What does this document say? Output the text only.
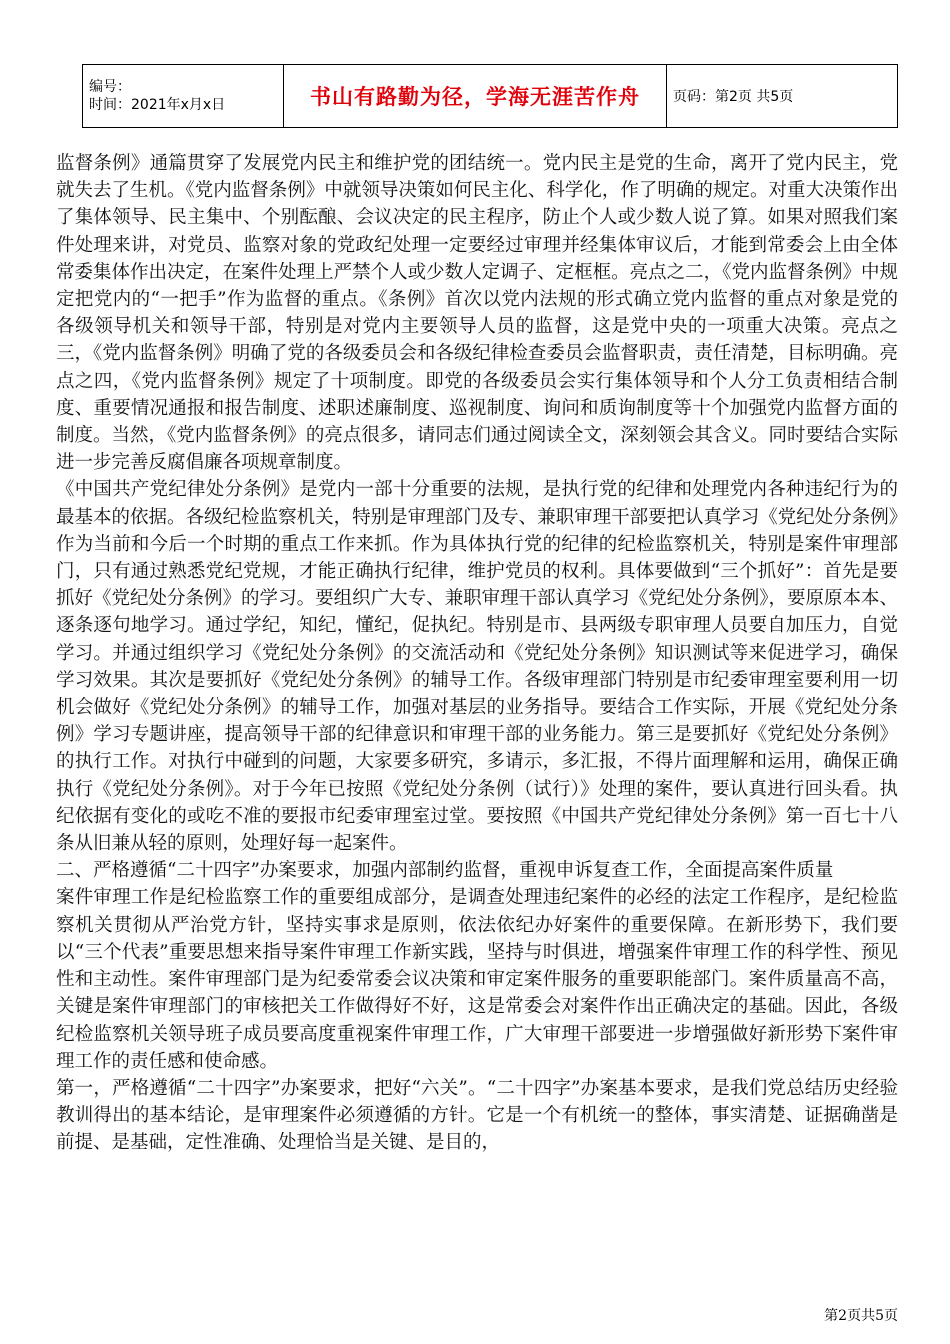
编号：
时间：2021年x月x日	书山有路勤为径，学海无涯苦作舟	页码：第2页 共5页

监督条例》通篇贯穿了发展党内民主和维护党的团结统一。党内民主是党的生命，离开了党内民主，党就失去了生机。《党内监督条例》中就领导决策如何民主化、科学化，作了明确的规定。对重大决策作出了集体领导、民主集中、个别酝酿、会议决定的民主程序，防止个人或少数人说了算。如果对照我们案件处理来讲，对党员、监察对象的党政纪处理一定要经过审理并经集体审议后，才能到常委会上由全体常委集体作出决定，在案件处理上严禁个人或少数人定调子、定框框。亮点之二，《党内监督条例》中规定把党内的“一把手”作为监督的重点。《条例》首次以党内法规的形式确立党内监督的重点对象是党的各级领导机关和领导干部，特别是对党内主要领导人员的监督，这是党中央的一项重大决策。亮点之三，《党内监督条例》明确了党的各级委员会和各级纪律检查委员会监督职责，责任清楚，目标明确。亮点之四，《党内监督条例》规定了十项制度。即党的各级委员会实行集体领导和个人分工负责相结合制度、重要情况通报和报告制度、述职述廉制度、巡视制度、询问和质询制度等十个加强党内监督方面的制度。当然，《党内监督条例》的亮点很多，请同志们通过阅读全文，深刻领会其含义。同时要结合实际进一步完善反腐倡廉各项规章制度。

《中国共产党纪律处分条例》是党内一部十分重要的法规，是执行党的纪律和处理党内各种违纪行为的最基本的依据。各级纪检监察机关，特别是审理部门及专、兼职审理干部要把认真学习《党纪处分条例》作为当前和今后一个时期的重点工作来抓。作为具体执行党的纪律的纪检监察机关，特别是案件审理部门，只有通过熟悉党纪党规，才能正确执行纪律，维护党员的权利。具体要做到“三个抓好”：首先是要抓好《党纪处分条例》的学习。要组织广大专、兼职审理干部认真学习《党纪处分条例》，要原原本本、逐条逐句地学习。通过学纪，知纪，懂纪，促执纪。特别是市、县两级专职审理人员要自加压力，自觉学习。并通过组织学习《党纪处分条例》的交流活动和《党纪处分条例》知识测试等来促进学习，确保学习效果。其次是要抓好《党纪处分条例》的辅导工作。各级审理部门特别是市纪委审理室要利用一切机会做好《党纪处分条例》的辅导工作，加强对基层的业务指导。要结合工作实际，开展《党纪处分条例》学习专题讲座，提高领导干部的纪律意识和审理干部的业务能力。第三是要抓好《党纪处分条例》的执行工作。对执行中碰到的问题，大家要多研究，多请示，多汇报，不得片面理解和运用，确保正确执行《党纪处分条例》。对于今年已按照《党纪处分条例（试行）》处理的案件，要认真进行回头看。执纪依据有变化的或吃不准的要报市纪委审理室过堂。要按照《中国共产党纪律处分条例》第一百七十八条从旧兼从轻的原则，处理好每一起案件。

二、严格遵循“二十四字”办案要求，加强内部制约监督，重视申诉复查工作，全面提高案件质量

案件审理工作是纪检监察工作的重要组成部分，是调查处理违纪案件的必经的法定工作程序，是纪检监察机关贯彻从严治党方针，坚持实事求是原则，依法依纪办好案件的重要保障。在新形势下，我们要以“三个代表”重要思想来指导案件审理工作新实践，坚持与时俱进，增强案件审理工作的科学性、预见性和主动性。案件审理部门是为纪委常委会议决策和审定案件服务的重要职能部门。案件质量高不高，关键是案件审理部门的审核把关工作做得好不好，这是常委会对案件作出正确决定的基础。因此，各级纪检监察机关领导班子成员要高度重视案件审理工作，广大审理干部要进一步增强做好新形势下案件审理工作的责任感和使命感。

第一，严格遵循“二十四字”办案要求，把好“六关”。“二十四字”办案基本要求，是我们党总结历史经验教训得出的基本结论，是审理案件必须遵循的方针。它是一个有机统一的整体，事实清楚、证据确凿是前提、是基础，定性准确、处理恰当是关键、是目的，

第2页共5页
